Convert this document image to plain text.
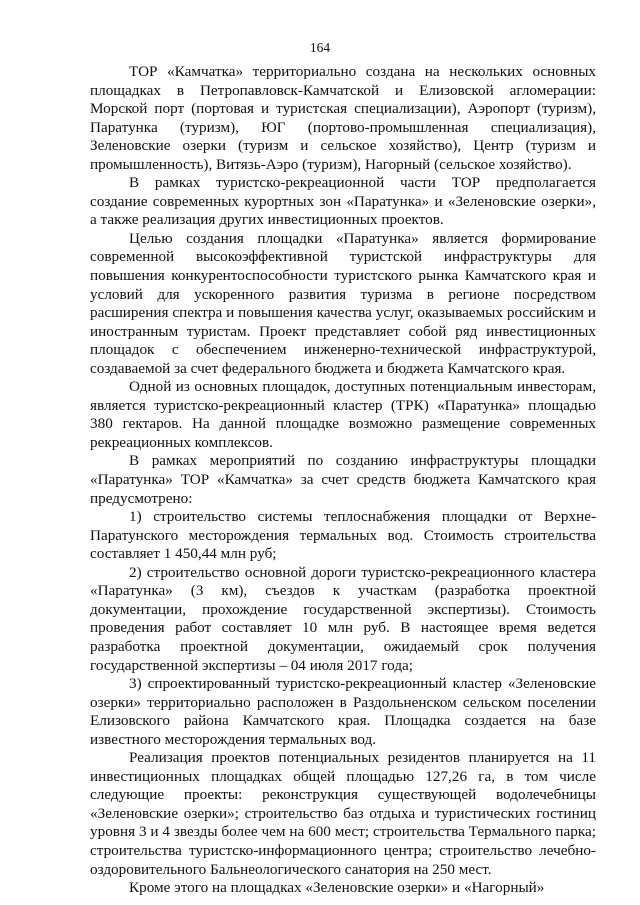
164

ТОР «Камчатка» территориально создана на нескольких основных площадках в Петропавловск-Камчатской и Елизовской агломерации: Морской порт (портовая и туристская специализации), Аэропорт (туризм), Паратунка (туризм), ЮГ (портово-промышленная специализация), Зеленовские озерки (туризм и сельское хозяйство), Центр (туризм и промышленность), Витязь-Аэро (туризм), Нагорный (сельское хозяйство).

В рамках туристско-рекреационной части ТОР предполагается создание современных курортных зон «Паратунка» и «Зеленовские озерки», а также реализация других инвестиционных проектов.

Целью создания площадки «Паратунка» является формирование современной высокоэффективной туристской инфраструктуры для повышения конкурентоспособности туристского рынка Камчатского края и условий для ускоренного развития туризма в регионе посредством расширения спектра и повышения качества услуг, оказываемых российским и иностранным туристам. Проект представляет собой ряд инвестиционных площадок с обеспечением инженерно-технической инфраструктурой, создаваемой за счет федерального бюджета и бюджета Камчатского края.

Одной из основных площадок, доступных потенциальным инвесторам, является туристско-рекреационный кластер (ТРК) «Паратунка» площадью 380 гектаров. На данной площадке возможно размещение современных рекреационных комплексов.

В рамках мероприятий по созданию инфраструктуры площадки «Паратунка» ТОР «Камчатка» за счет средств бюджета Камчатского края предусмотрено:

1) строительство системы теплоснабжения площадки от Верхне-Паратунского месторождения термальных вод. Стоимость строительства составляет 1 450,44 млн руб;

2) строительство основной дороги туристско-рекреационного кластера «Паратунка» (3 км), съездов к участкам (разработка проектной документации, прохождение государственной экспертизы). Стоимость проведения работ составляет 10 млн руб. В настоящее время ведется разработка проектной документации, ожидаемый срок получения государственной экспертизы – 04 июля 2017 года;

3) спроектированный туристско-рекреационный кластер «Зеленовские озерки» территориально расположен в Раздольненском сельском поселении Елизовского района Камчатского края. Площадка создается на базе известного месторождения термальных вод.

Реализация проектов потенциальных резидентов планируется на 11 инвестиционных площадках общей площадью 127,26 га, в том числе следующие проекты: реконструкция существующей водолечебницы «Зеленовские озерки»; строительство баз отдыха и туристических гостиниц уровня 3 и 4 звезды более чем на 600 мест; строительства Термального парка; строительства туристско-информационного центра; строительство лечебно-оздоровительного Бальнеологического санатория на 250 мест.

Кроме этого на площадках «Зеленовские озерки» и «Нагорный»
